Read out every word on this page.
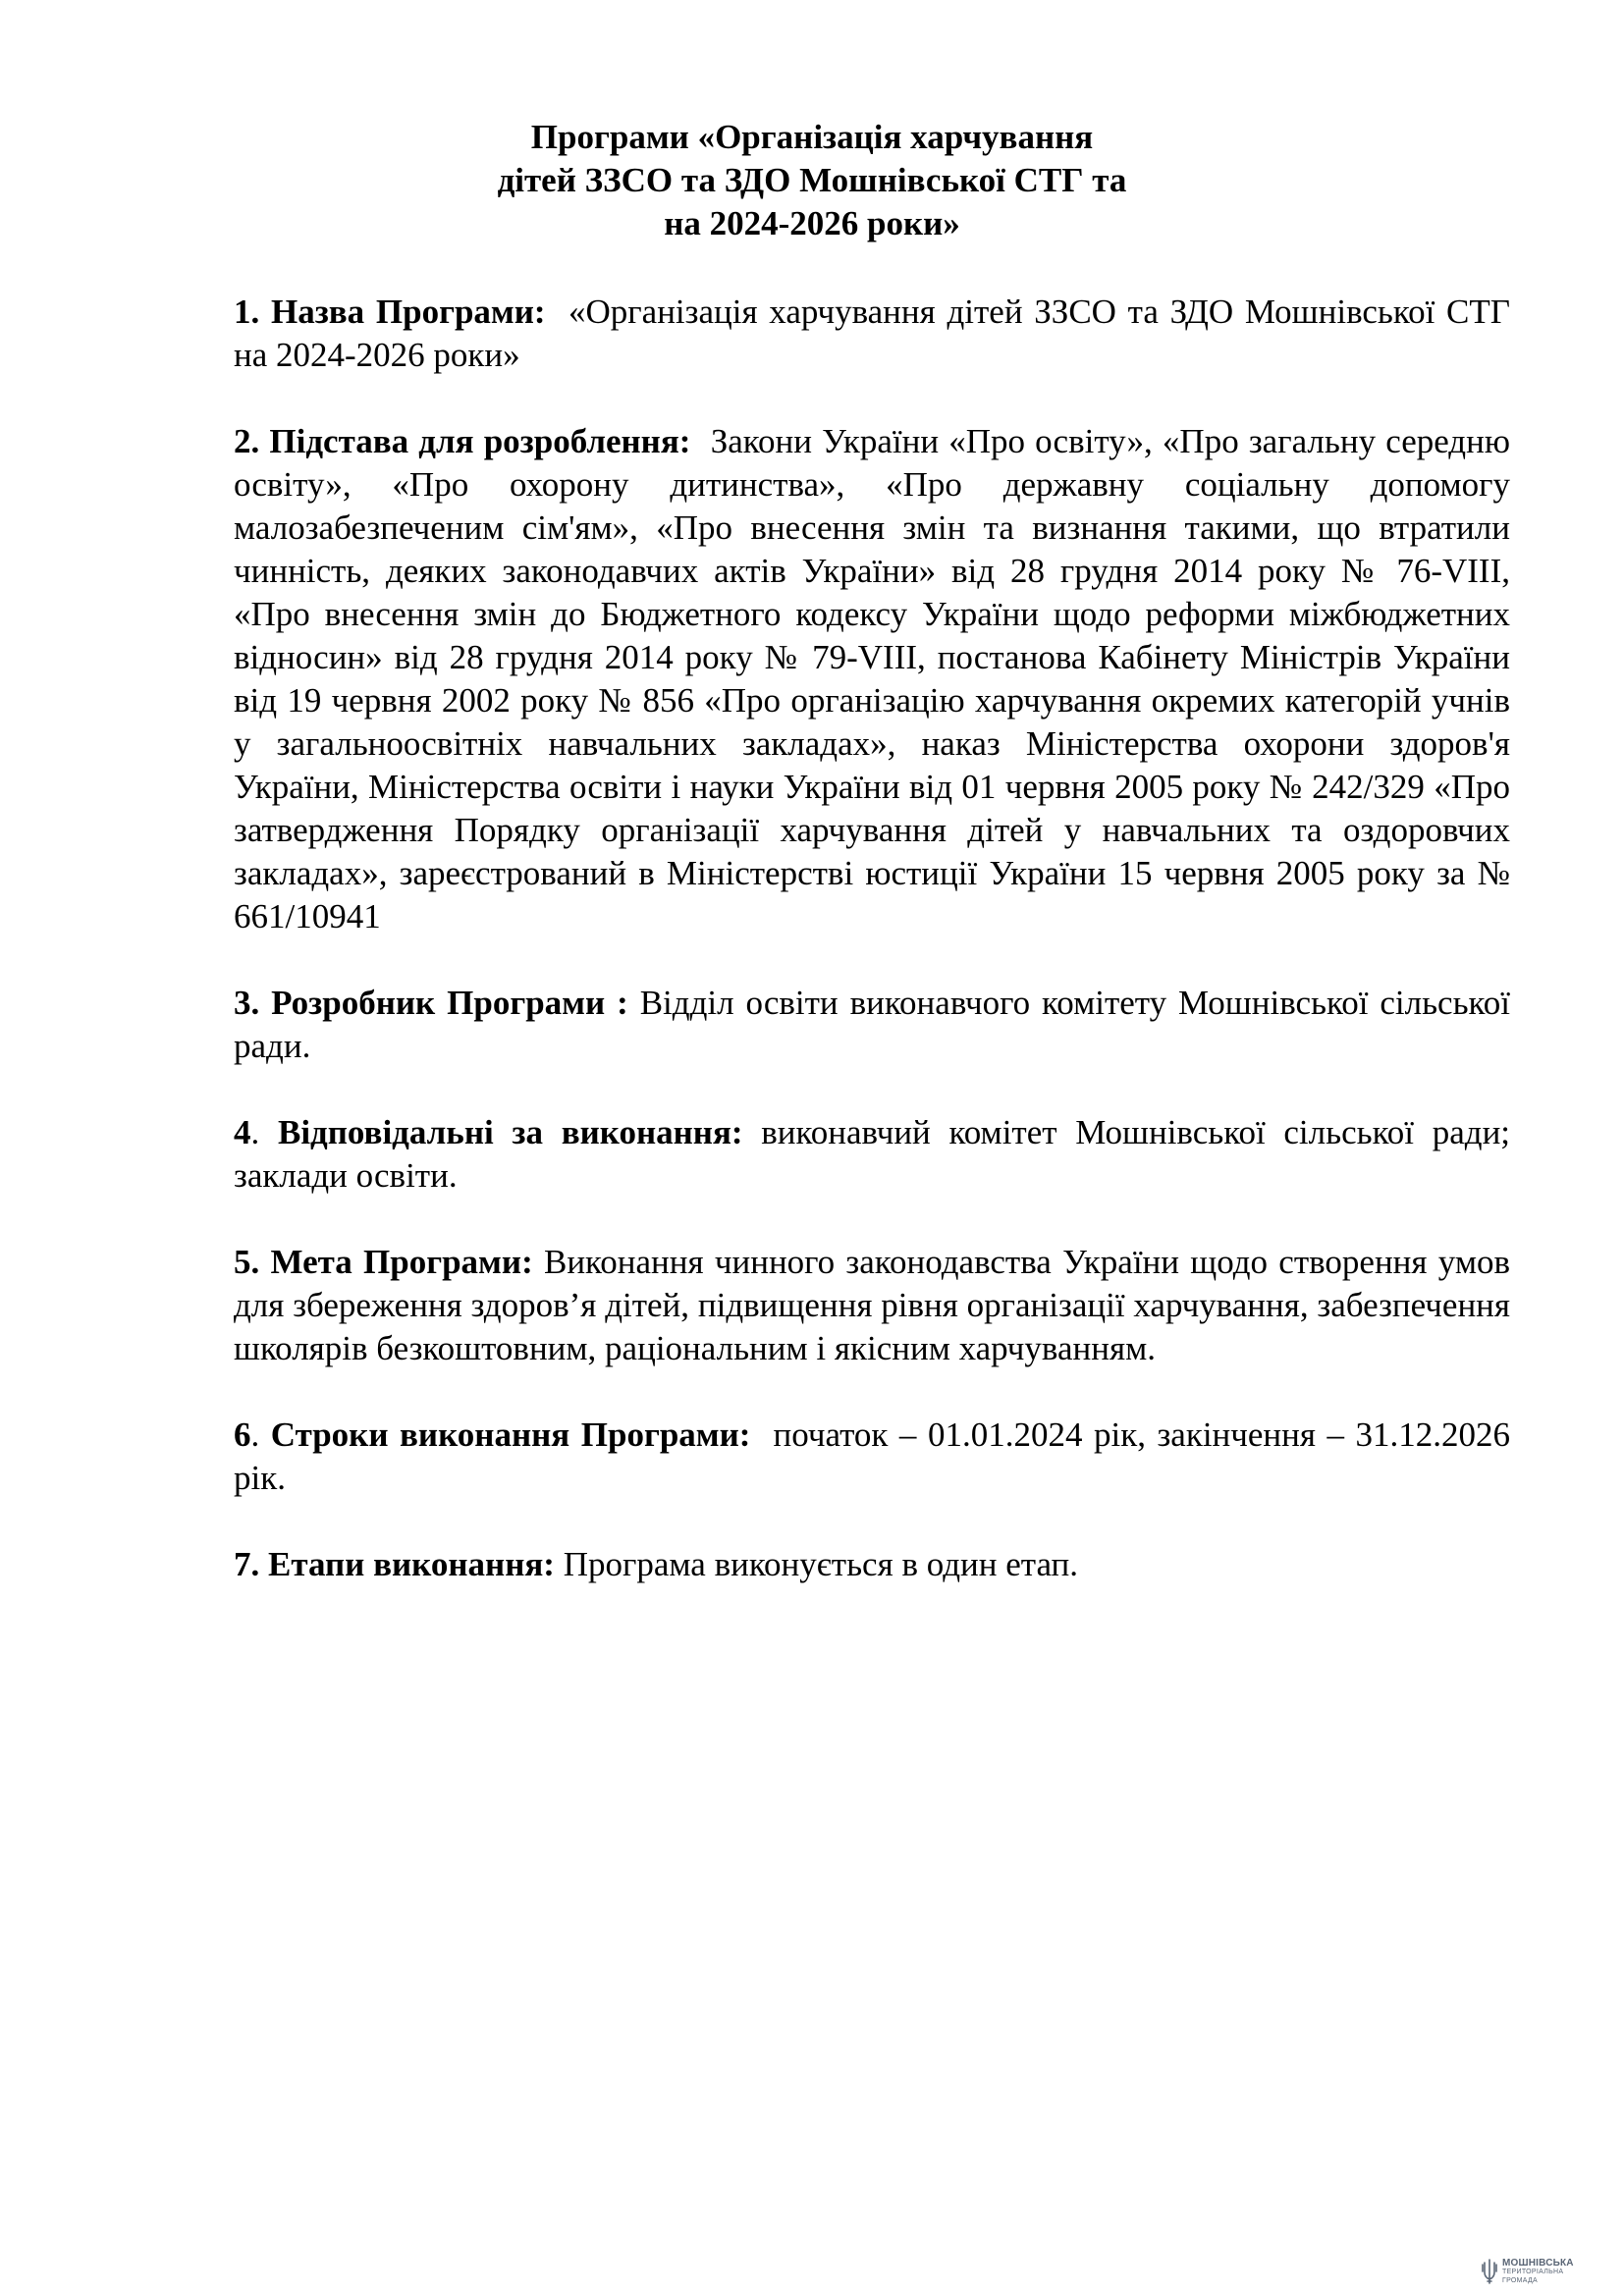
Програми «Організація харчування
дітей ЗЗСО та ЗДО Мошнівської СТГ та
на 2024-2026 роки»

1. Назва Програми: «Організація харчування дітей ЗЗСО та ЗДО Мошнівської СТГ на 2024-2026 роки»

2. Підстава для розроблення: Закони України «Про освіту», «Про загальну середню освіту», «Про охорону дитинства», «Про державну соціальну допомогу малозабезпеченим сім'ям», «Про внесення змін та визнання такими, що втратили чинність, деяких законодавчих актів України» від 28 грудня 2014 року № 76-VIII, «Про внесення змін до Бюджетного кодексу України щодо реформи міжбюджетних відносин» від 28 грудня 2014 року № 79-VIII, постанова Кабінету Міністрів України від 19 червня 2002 року № 856 «Про організацію харчування окремих категорій учнів у загальноосвітніх навчальних закладах», наказ Міністерства охорони здоров'я України, Міністерства освіти і науки України від 01 червня 2005 року № 242/329 «Про затвердження Порядку організації харчування дітей у навчальних та оздоровчих закладах», зареєстрований в Міністерстві юстиції України 15 червня 2005 року за № 661/10941

3. Розробник Програми : Відділ освіти виконавчого комітету Мошнівської сільської ради.

4. Відповідальні за виконання: виконавчий комітет Мошнівської сільської ради; заклади освіти.

5. Мета Програми: Виконання чинного законодавства України щодо створення умов для збереження здоров’я дітей, підвищення рівня організації харчування, забезпечення школярів безкоштовним, раціональним і якісним харчуванням.

6. Строки виконання Програми: початок – 01.01.2024 рік, закінчення – 31.12.2026 рік.

7. Етапи виконання: Програма виконується в один етап.

МОШНІВСЬКА
ТЕРИТОРІАЛЬНА
ГРОМАДА
